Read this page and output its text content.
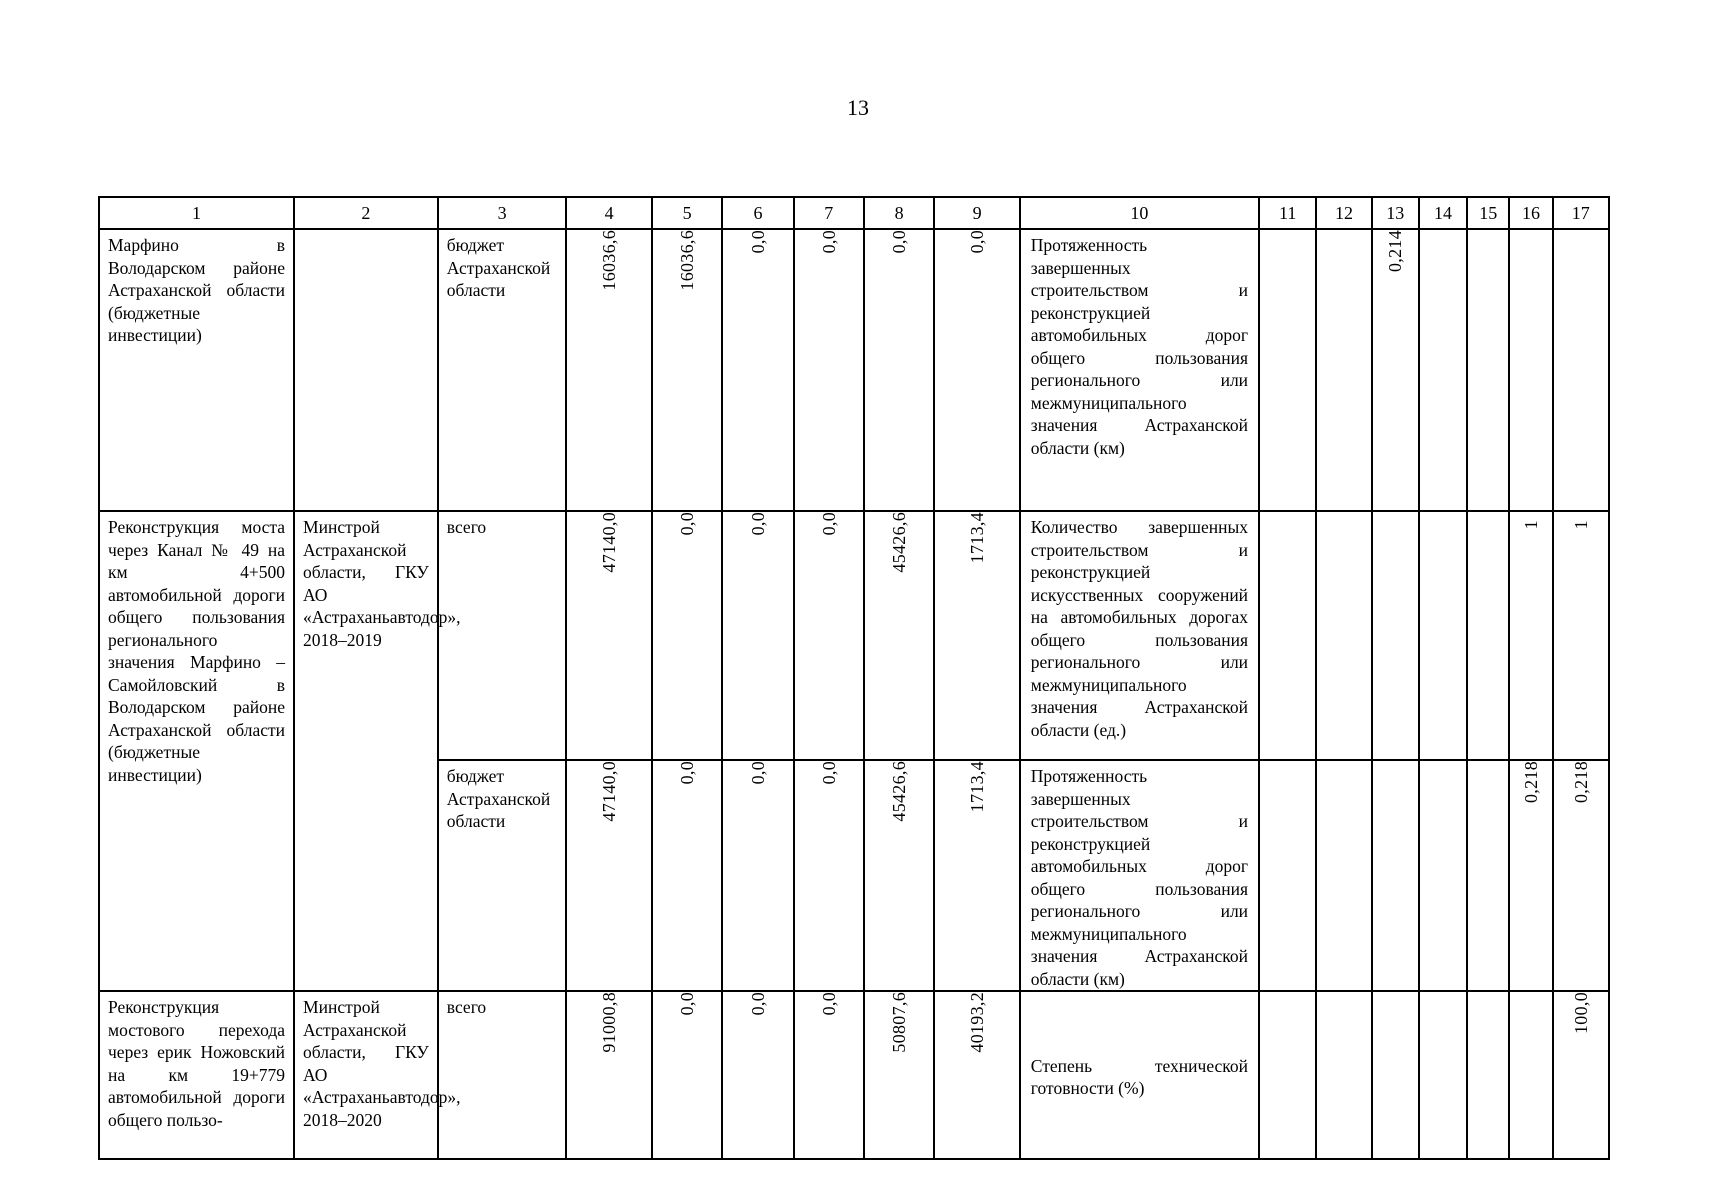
13
1	2	3	4	5	6	7	8	9	10	11	12	13	14	15	16	17

Марфино в Володарском районе Астраханской области (бюджетные инвестиции)		бюджет Астраханской области	16036,6	16036,6	0,0	0,0	0,0	0,0	Протяженность завершенных строительством и реконструкцией автомобильных дорог общего пользования регионального или межмуниципального значения Астраханской области (км)			0,214				

Реконструкция моста через Канал № 49 на км 4+500 автомобильной дороги общего пользования регионального значения Марфино – Самойловский в Володарском районе Астраханской области (бюджетные инвестиции)	Минстрой Астраханской области, ГКУ АО «Астраханьавтодор», 2018–2019	всего	47140,0	0,0	0,0	0,0	45426,6	1713,4	Количество завершенных строительством и реконструкцией искусственных сооружений на автомобильных дорогах общего пользования регионального или межмуниципального значения Астраханской области (ед.)						1	1

		бюджет Астраханской области	47140,0	0,0	0,0	0,0	45426,6	1713,4	Протяженность завершенных строительством и реконструкцией автомобильных дорог общего пользования регионального или межмуниципального значения Астраханской области (км)						0,218	0,218

Реконструкция мостового перехода через ерик Ножовский на км 19+779 автомобильной дороги общего пользо-	Минстрой Астраханской области, ГКУ АО «Астраханьавтодор», 2018–2020	всего	91000,8	0,0	0,0	0,0	50807,6	40193,2	Степень технической готовности (%)							100,0
